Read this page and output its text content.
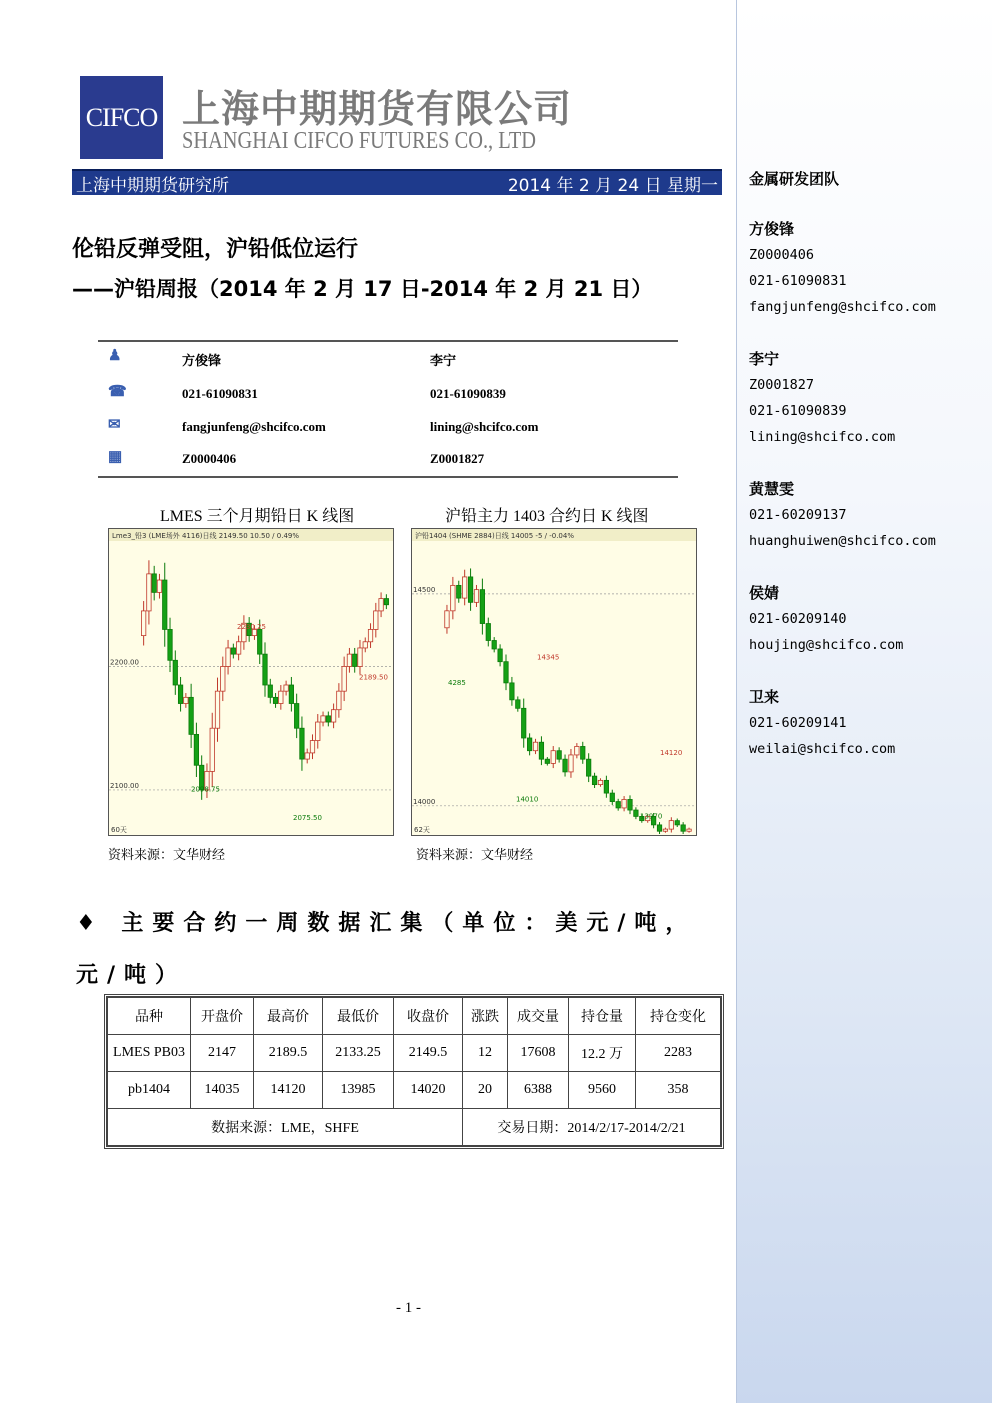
金属研发团队
方俊锋
Z0000406
021-61090831
fangjunfeng@shcifco.com
李宁
Z0001827
021-61090839
lining@shcifco.com
黄慧雯
021-60209137
huanghuiwen@shcifco.com
侯婧
021-60209140
houjing@shcifco.com
卫来
021-60209141
weilai@shcifco.com
CIFCO 上海中期期货有限公司
SHANGHAI CIFCO FUTURES CO., LTD
上海中期期货研究所	2014 年 2 月 24 日 星期一
伦铅反弹受阻，沪铅低位运行
——沪铅周报（2014 年 2 月 17 日-2014 年 2 月 21 日）
♟	方俊锋	李宁
☎	021-61090831	021-61090839
✉	fangjunfeng@shcifco.com	lining@shcifco.com
▦	Z0000406	Z0001827
LMES 三个月期铅日 K 线图	沪铅主力 1403 合约日 K 线图
Lme3_铅3 (LME场外 4116)日线 2149.50 10.50 / 0.49%
2100.00
2200.00
2230.25
2189.50
2098.75
2075.50
60天
沪铅1404 (SHME 2884)日线 14005 -5 / -0.04%
14000
14500
14345
4285
14120
14010
13970
62天
资料来源：文华财经	资料来源：文华财经
♦ 主要合约一周数据汇集（单位：美元/吨，元/吨）
品种	开盘价	最高价	最低价	收盘价	涨跌	成交量	持仓量	持仓变化
LMES PB03	2147	2189.5	2133.25	2149.5	12	17608	12.2 万	2283
pb1404	14035	14120	13985	14020	20	6388	9560	358
数据来源：LME，SHFE					交易日期：2014/2/17-2014/2/21			
- 1 -
